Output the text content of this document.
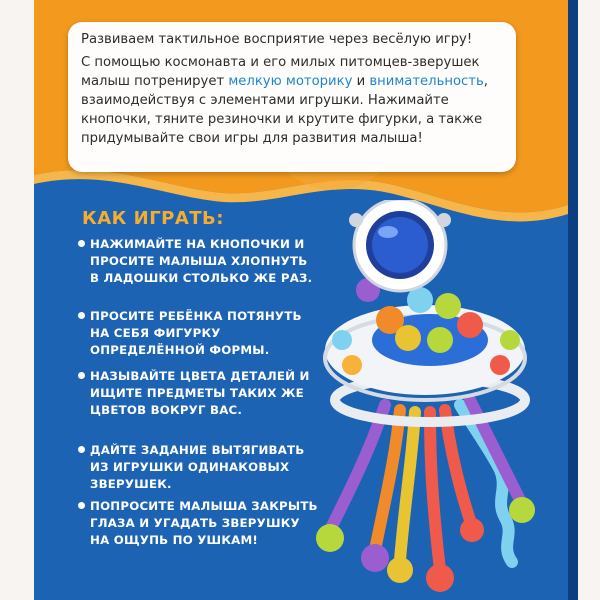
Развиваем тактильное восприятие через весёлую игру!

С помощью космонавта и его милых питомцев-зверушек малыш потренирует мелкую моторику и внимательность, взаимодействуя с элементами игрушки. Нажимайте кнопочки, тяните резиночки и крутите фигурки, а также придумывайте свои игры для развития малыша!

КАК ИГРАТЬ:
НАЖИМАЙТЕ НА КНОПОЧКИ И ПРОСИТЕ МАЛЫША ХЛОПНУТЬ В ЛАДОШКИ СТОЛЬКО ЖЕ РАЗ.
ПРОСИТЕ РЕБЁНКА ПОТЯНУТЬ НА СЕБЯ ФИГУРКУ ОПРЕДЕЛЁННОЙ ФОРМЫ.
НАЗЫВАЙТЕ ЦВЕТА ДЕТАЛЕЙ И ИЩИТЕ ПРЕДМЕТЫ ТАКИХ ЖЕ ЦВЕТОВ ВОКРУГ ВАС.
ДАЙТЕ ЗАДАНИЕ ВЫТЯГИВАТЬ ИЗ ИГРУШКИ ОДИНАКОВЫХ ЗВЕРУШЕК.
ПОПРОСИТЕ МАЛЫША ЗАКРЫТЬ ГЛАЗА И УГАДАТЬ ЗВЕРУШКУ НА ОЩУПЬ ПО УШКАМ!
